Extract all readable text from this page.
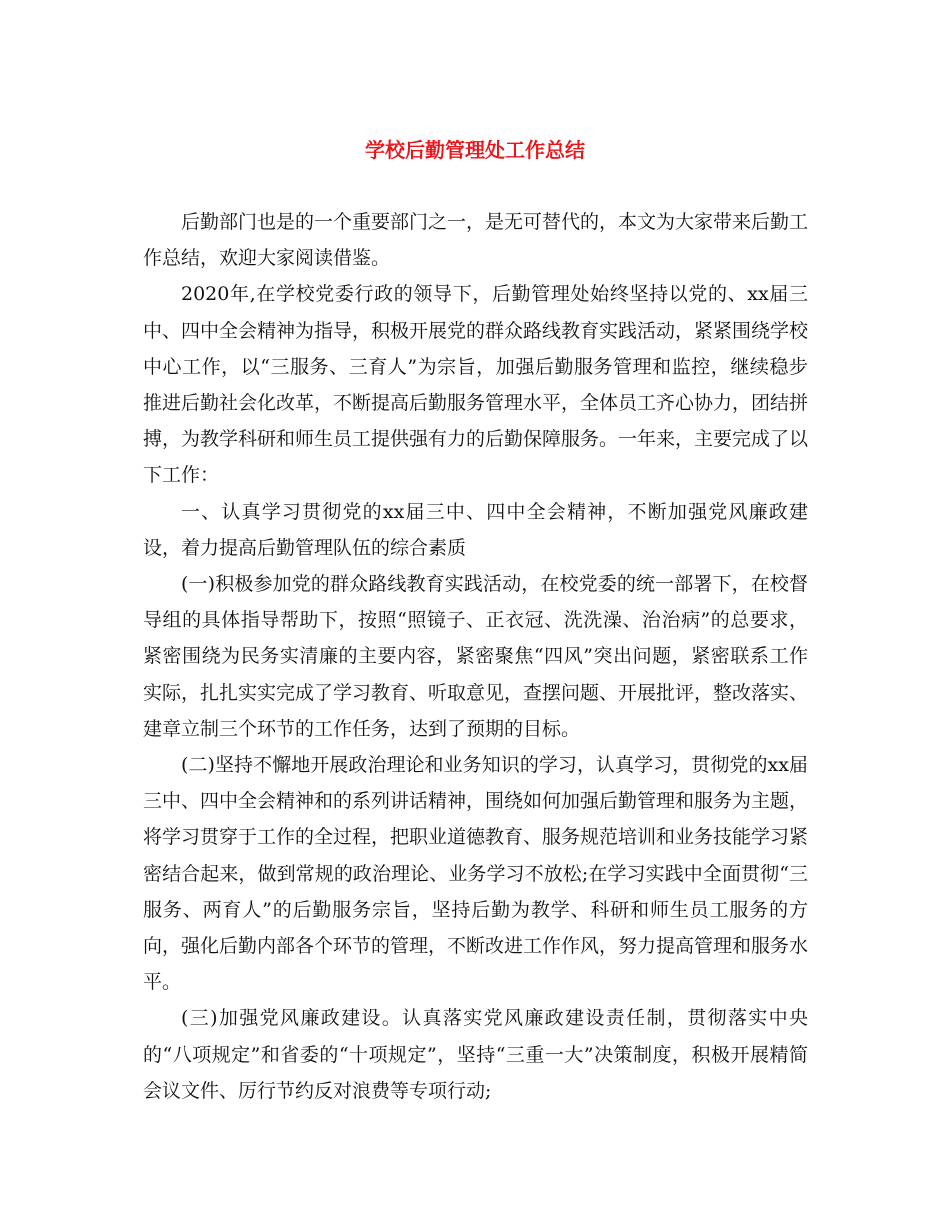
学校后勤管理处工作总结

后勤部门也是的一个重要部门之一，是无可替代的，本文为大家带来后勤工作总结，欢迎大家阅读借鉴。

2020年,在学校党委行政的领导下，后勤管理处始终坚持以党的、xx届三中、四中全会精神为指导，积极开展党的群众路线教育实践活动，紧紧围绕学校中心工作，以“三服务、三育人”为宗旨，加强后勤服务管理和监控，继续稳步推进后勤社会化改革，不断提高后勤服务管理水平，全体员工齐心协力，团结拼搏，为教学科研和师生员工提供强有力的后勤保障服务。一年来，主要完成了以下工作：

一、认真学习贯彻党的xx届三中、四中全会精神，不断加强党风廉政建设，着力提高后勤管理队伍的综合素质

(一)积极参加党的群众路线教育实践活动，在校党委的统一部署下，在校督导组的具体指导帮助下，按照“照镜子、正衣冠、洗洗澡、治治病”的总要求，紧密围绕为民务实清廉的主要内容，紧密聚焦“四风”突出问题，紧密联系工作实际，扎扎实实完成了学习教育、听取意见，查摆问题、开展批评，整改落实、建章立制三个环节的工作任务，达到了预期的目标。

(二)坚持不懈地开展政治理论和业务知识的学习，认真学习，贯彻党的xx届三中、四中全会精神和的系列讲话精神，围绕如何加强后勤管理和服务为主题，将学习贯穿于工作的全过程，把职业道德教育、服务规范培训和业务技能学习紧密结合起来，做到常规的政治理论、业务学习不放松;在学习实践中全面贯彻“三服务、两育人”的后勤服务宗旨，坚持后勤为教学、科研和师生员工服务的方向，强化后勤内部各个环节的管理，不断改进工作作风，努力提高管理和服务水平。

(三)加强党风廉政建设。认真落实党风廉政建设责任制，贯彻落实中央的“八项规定”和省委的“十项规定”，坚持“三重一大”决策制度，积极开展精简会议文件、厉行节约反对浪费等专项行动;
